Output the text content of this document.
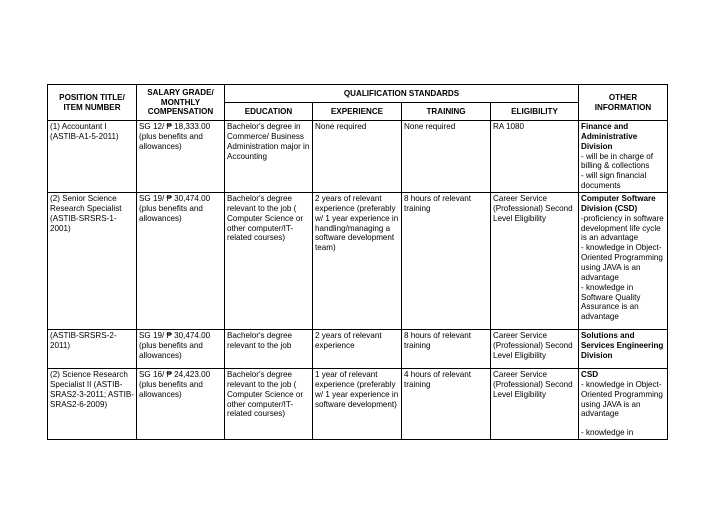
POSITION TITLE/ ITEM NUMBER	SALARY GRADE/ MONTHLY COMPENSATION	QUALIFICATION STANDARDS				OTHER INFORMATION
		EDUCATION	EXPERIENCE	TRAINING	ELIGIBILITY	
(1) Accountant I (ASTIB-A1-5-2011)	SG 12/ ₱ 18,333.00 (plus benefits and allowances)	Bachelor's degree in Commerce/ Business Administration major in Accounting	None required	None required	RA 1080	Finance and Administrative Division
- will be in charge of billing & collections
- will sign financial documents

(2) Senior Science Research Specialist (ASTIB-SRSRS-1-2001)	SG 19/ ₱ 30,474.00 (plus benefits and allowances)	Bachelor's degree relevant to the job ( Computer Science or other computer/IT-related courses)	2 years of relevant experience (preferably w/ 1 year experience in handling/managing a software development team)	8 hours of relevant training	Career Service (Professional) Second Level Eligibility	Computer Software Division (CSD)
-proficiency in software development life cycle is an advantage
- knowledge in Object-Oriented Programming using JAVA is an advantage
- knowledge in Software Quality Assurance is an advantage

(ASTIB-SRSRS-2-2011)	SG 19/ ₱ 30,474.00 (plus benefits and allowances)	Bachelor's degree relevant to the job	2 years of relevant experience	8 hours of relevant training	Career Service (Professional) Second Level Eligibility	Solutions and Services Engineering Division

(2) Science Research Specialist II (ASTIB-SRAS2-3-2011; ASTIB-SRAS2-6-2009)	SG 16/ ₱ 24,423.00 (plus benefits and allowances)	Bachelor's degree relevant to the job ( Computer Science or other computer/IT-related courses)	1 year of relevant experience (preferably w/ 1 year experience in software development)	4 hours of relevant training	Career Service (Professional) Second Level Eligibility	CSD
- knowledge in Object-Oriented Programming using JAVA is an advantage
- knowledge in
